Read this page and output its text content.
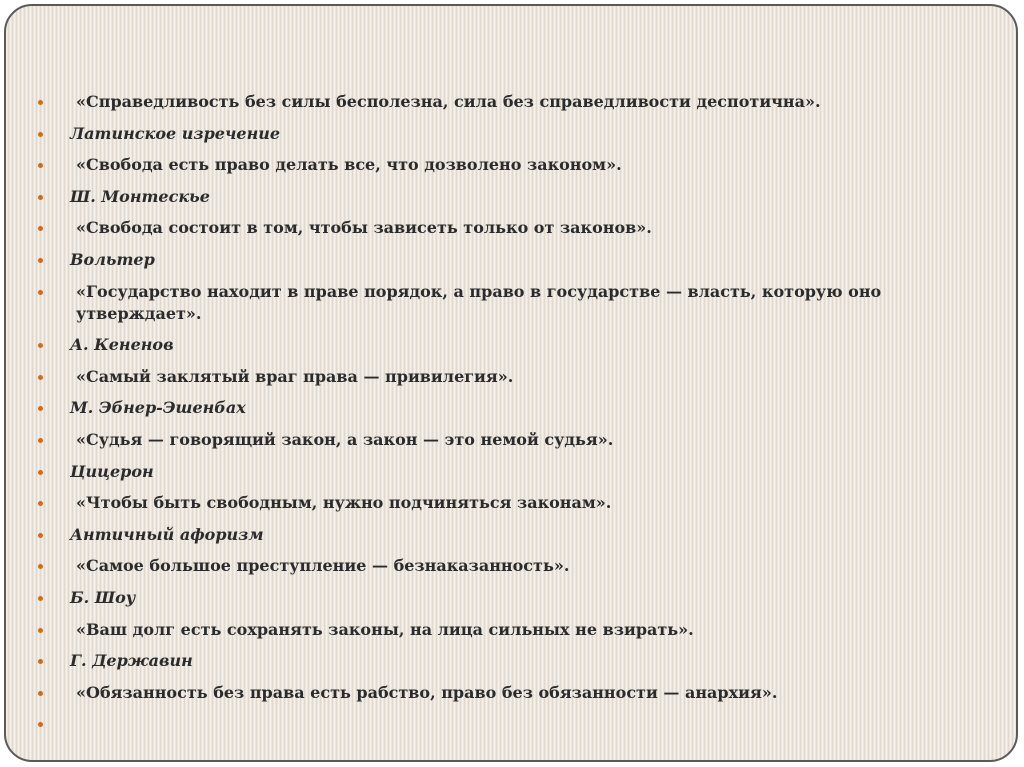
«Справедливость без силы бесполезна, сила без справедливости деспотична».
Латинское изречение
«Свобода есть право делать все, что дозволено законом».
Ш. Монтескье
«Свобода состоит в том, чтобы зависеть только от законов».
Вольтер
«Государство находит в праве порядок, а право в государстве — власть, которую оно утверждает».
А. Кененов
«Самый заклятый враг права — привилегия».
М. Эбнер-Эшенбах
«Судья — говорящий закон, а закон — это немой судья».
Цицерон
«Чтобы быть свободным, нужно подчиняться законам».
Античный афоризм
«Самое большое преступление — безнаказанность».
Б. Шоу
«Ваш долг есть сохранять законы, на лица сильных не взирать».
Г. Державин
«Обязанность без права есть рабство, право без обязанности — анархия».
